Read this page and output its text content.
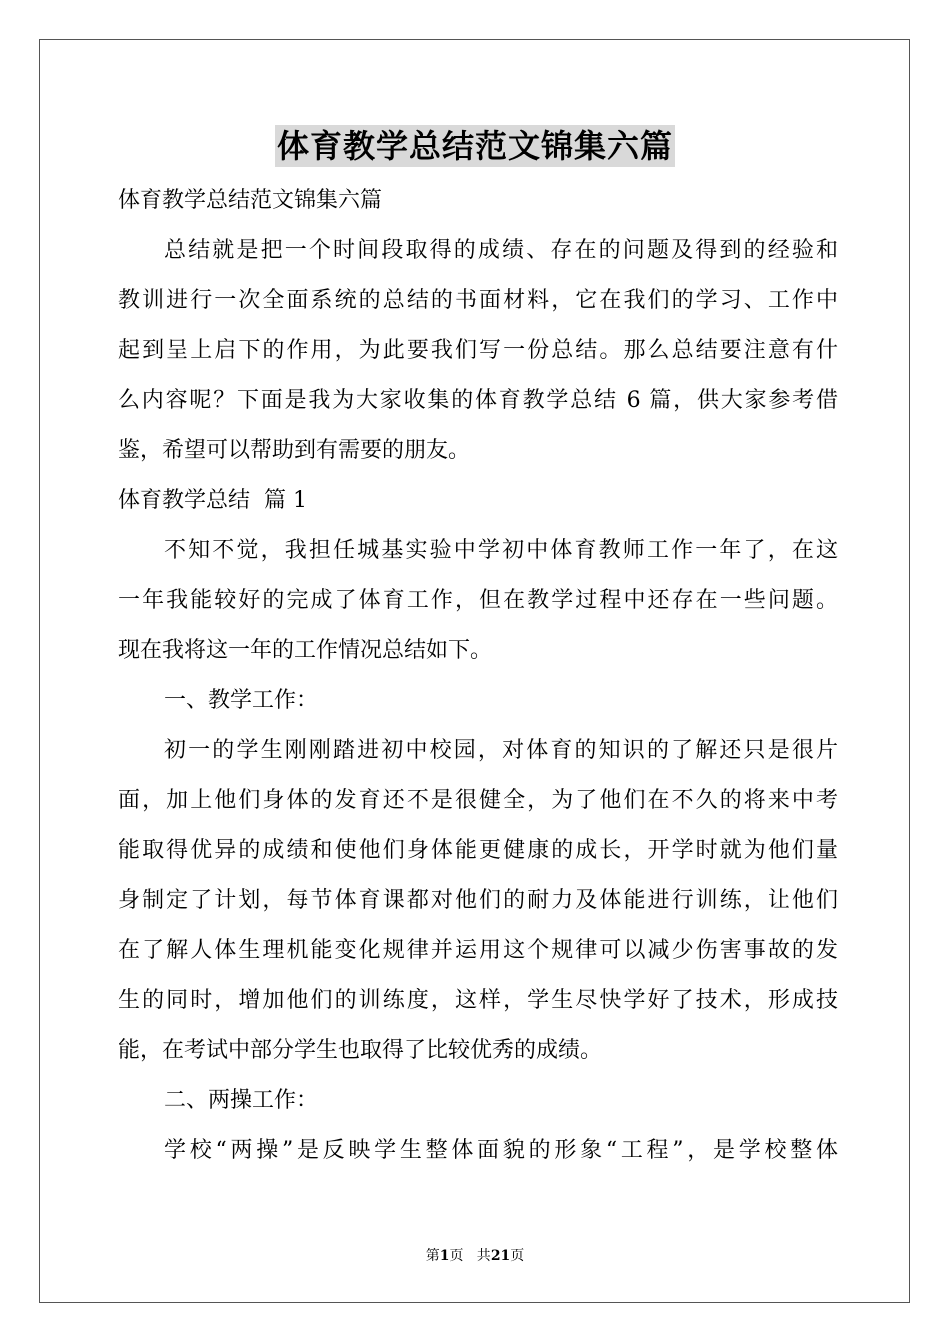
体育教学总结范文锦集六篇
体育教学总结范文锦集六篇
总结就是把一个时间段取得的成绩、存在的问题及得到的经验和
教训进行一次全面系统的总结的书面材料，它在我们的学习、工作中
起到呈上启下的作用，为此要我们写一份总结。那么总结要注意有什
么内容呢？下面是我为大家收集的体育教学总结 6 篇，供大家参考借
鉴，希望可以帮助到有需要的朋友。
体育教学总结  篇 1
不知不觉，我担任城基实验中学初中体育教师工作一年了，在这
一年我能较好的完成了体育工作，但在教学过程中还存在一些问题。
现在我将这一年的工作情况总结如下。
一、教学工作：
初一的学生刚刚踏进初中校园，对体育的知识的了解还只是很片
面，加上他们身体的发育还不是很健全，为了他们在不久的将来中考
能取得优异的成绩和使他们身体能更健康的成长，开学时就为他们量
身制定了计划，每节体育课都对他们的耐力及体能进行训练，让他们
在了解人体生理机能变化规律并运用这个规律可以减少伤害事故的发
生的同时，增加他们的训练度，这样，学生尽快学好了技术，形成技
能，在考试中部分学生也取得了比较优秀的成绩。
二、两操工作：
学校“两操”是反映学生整体面貌的形象“工程”，是学校整体
第1页   共21页
